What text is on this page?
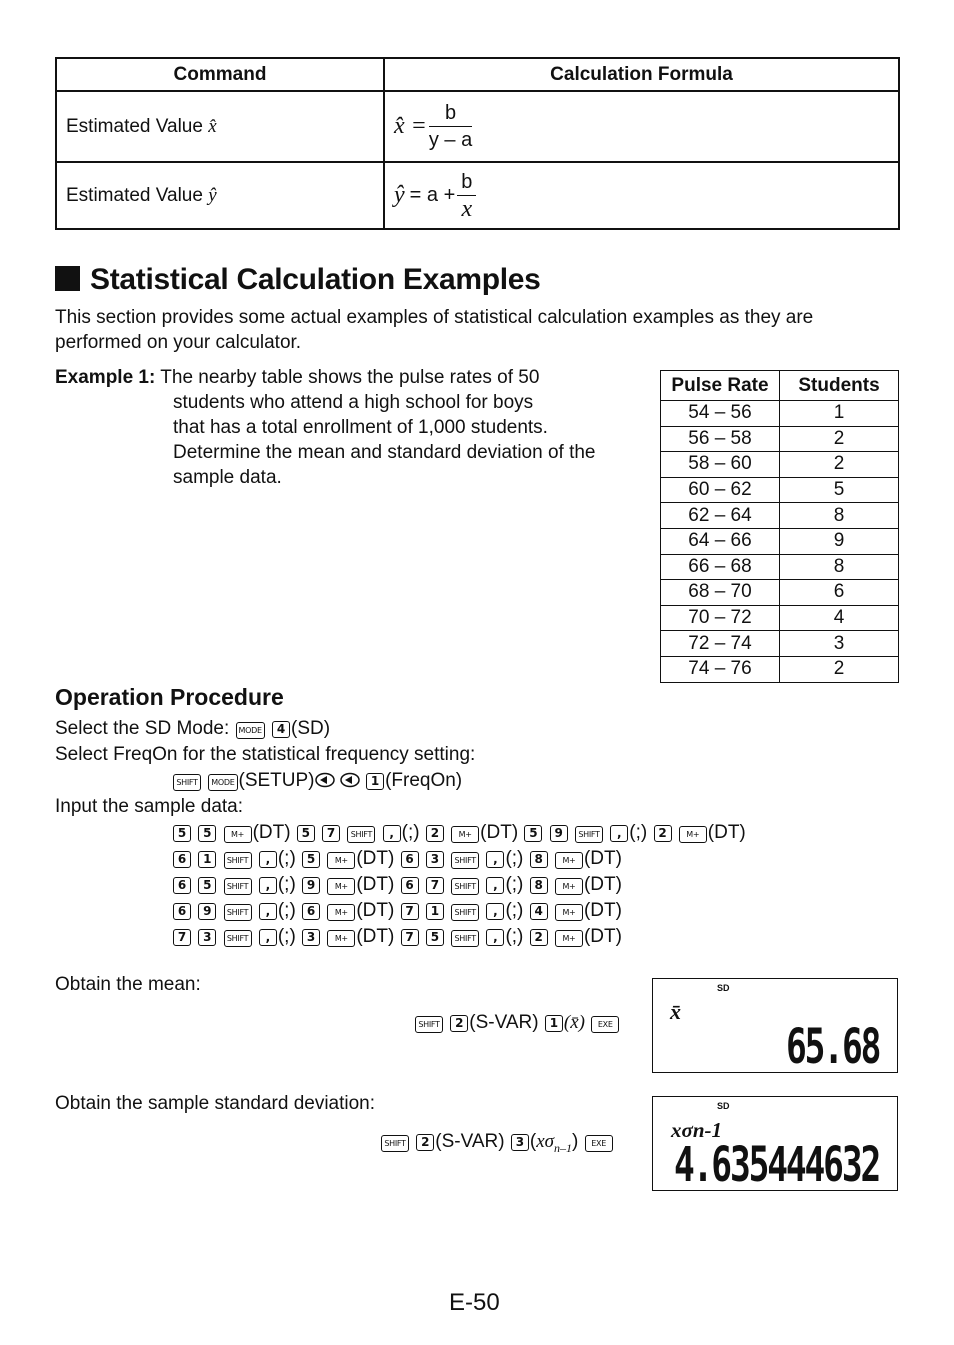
Command	Calculation Formula
Estimated Value x̂	x̂ = $\frac{b}{y - a}$

Estimated Value ŷ	ŷ = $a + \frac{b}{x}$
Statistical Calculation Examples
This section provides some actual examples of statistical calculation examples as they are
performed on your calculator.
Example 1: The nearby table shows the pulse rates of 50
students who attend a high school for boys
that has a total enrollment of 1,000 students.
Determine the mean and standard deviation of the
sample data.
Pulse Rate	Students
54 – 56	1
56 – 58	2
58 – 60	2
60 – 62	5
62 – 64	8
64 – 66	9
66 – 68	8
68 – 70	6
70 – 72	4
72 – 74	3
74 – 76	2
Operation Procedure
Select the SD Mode: MODE 4 (SD)
Select FreqOn for the statistical frequency setting:
SHIFT MODE (SETUP)	1 (FreqOn)
Input the sample data:
5 5 M+ (DT) 5 7 SHIFT , (;) 2 M+ (DT) 5 9 SHIFT , (;) 2 M+ (DT)
6 1 SHIFT , (;) 5 M+ (DT) 6 3 SHIFT , (;) 8 M+ (DT)
6 5 SHIFT , (;) 9 M+ (DT) 6 7 SHIFT , (;) 8 M+ (DT)
6 9 SHIFT , (;) 6 M+ (DT) 7 1 SHIFT , (;) 4 M+ (DT)
7 3 SHIFT , (;) 3 M+ (DT) 7 5 SHIFT , (;) 2 M+ (DT)
Obtain the mean:
SHIFT 2 (S-VAR) 1 (x̄) EXE
SD
x̄
65.68
Obtain the sample standard deviation:
SHIFT 2 (S-VAR) 3 $(x\sigma_{n-1})$ EXE
SD
xσn-1
4.635444632
E-50
